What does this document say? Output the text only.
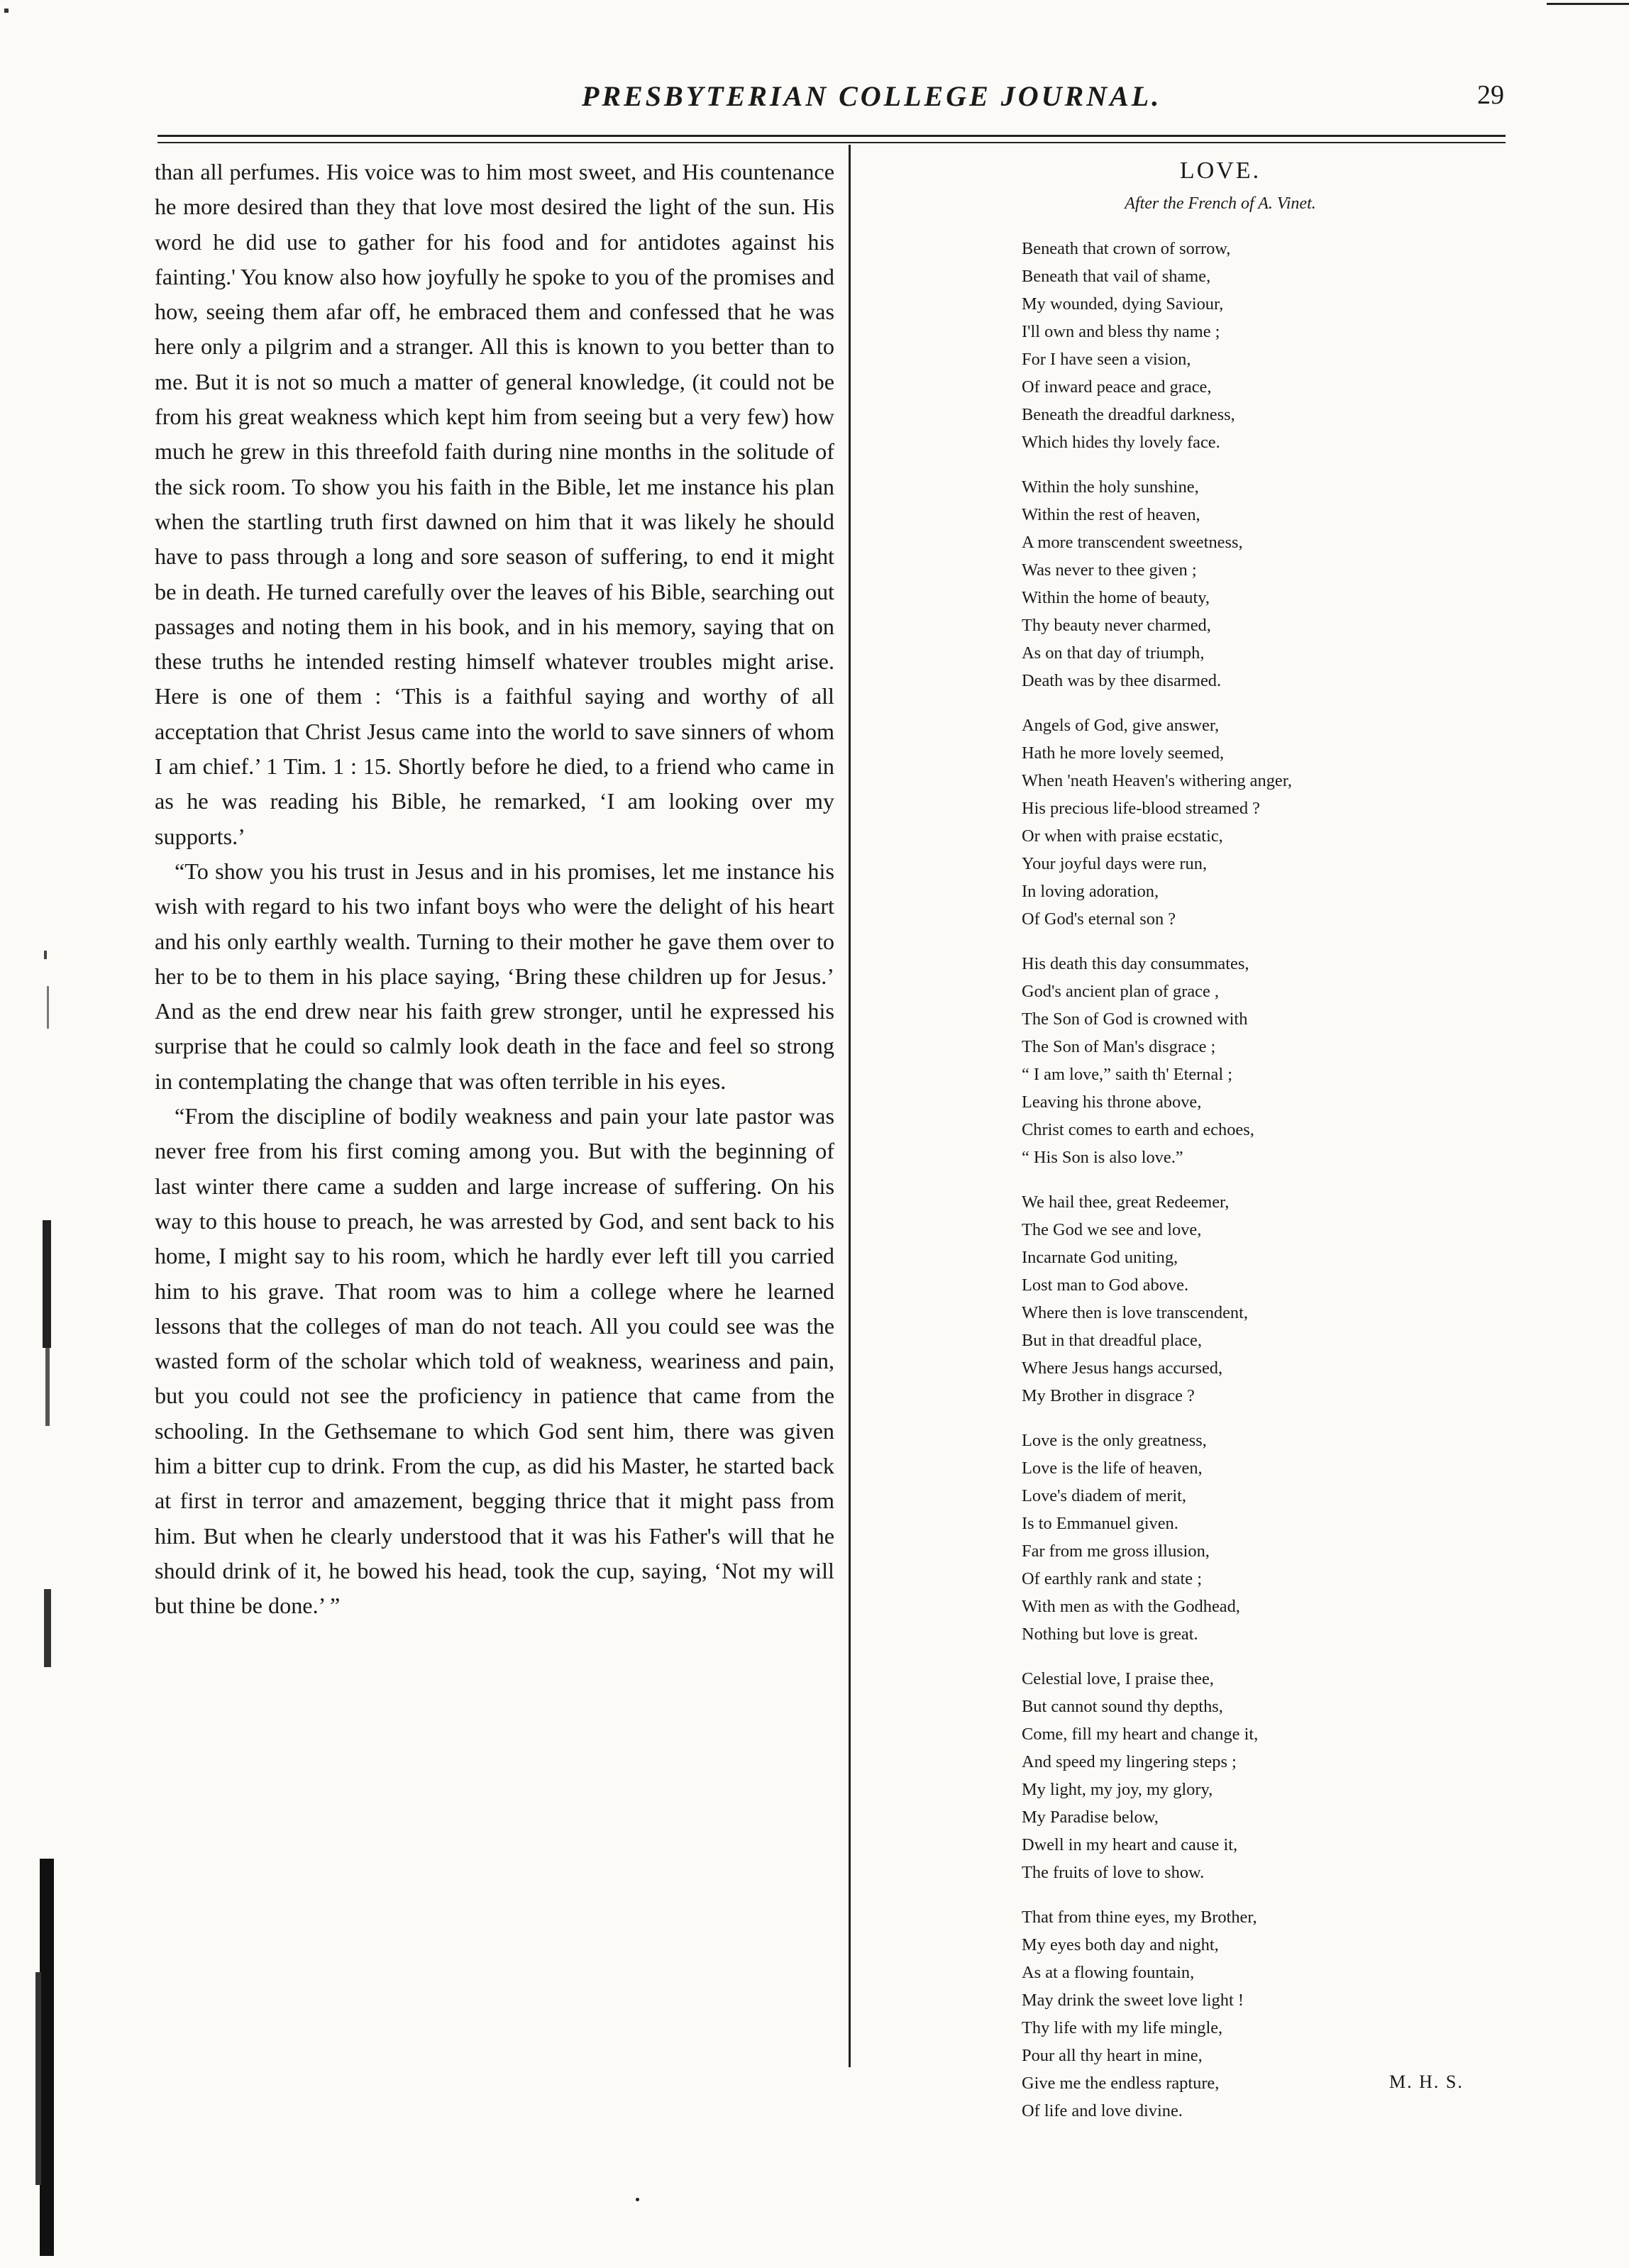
PRESBYTERIAN COLLEGE JOURNAL.	29

than all perfumes. His voice was to him most sweet, and His countenance he more desired than they that love most desired the light of the sun. His word he did use to gather for his food and for antidotes against his fainting.' You know also how joyfully he spoke to you of the promises and how, seeing them afar off, he embraced them and confessed that he was here only a pilgrim and a stranger. All this is known to you better than to me. But it is not so much a matter of general knowledge, (it could not be from his great weakness which kept him from seeing but a very few) how much he grew in this threefold faith during nine months in the solitude of the sick room. To show you his faith in the Bible, let me instance his plan when the startling truth first dawned on him that it was likely he should have to pass through a long and sore season of suffering, to end it might be in death. He turned carefully over the leaves of his Bible, searching out passages and noting them in his book, and in his memory, saying that on these truths he intended resting himself whatever troubles might arise. Here is one of them : ‘This is a faithful saying and worthy of all acceptation that Christ Jesus came into the world to save sinners of whom I am chief.’ 1 Tim. 1 : 15. Shortly before he died, to a friend who came in as he was reading his Bible, he remarked, ‘I am looking over my supports.’

“To show you his trust in Jesus and in his promises, let me instance his wish with regard to his two infant boys who were the delight of his heart and his only earthly wealth. Turning to their mother he gave them over to her to be to them in his place saying, ‘Bring these children up for Jesus.’ And as the end drew near his faith grew stronger, until he expressed his surprise that he could so calmly look death in the face and feel so strong in contemplating the change that was often terrible in his eyes.

“From the discipline of bodily weakness and pain your late pastor was never free from his first coming among you. But with the beginning of last winter there came a sudden and large increase of suffering. On his way to this house to preach, he was arrested by God, and sent back to his home, I might say to his room, which he hardly ever left till you carried him to his grave. That room was to him a college where he learned lessons that the colleges of man do not teach. All you could see was the wasted form of the scholar which told of weakness, weariness and pain, but you could not see the proficiency in patience that came from the schooling. In the Gethsemane to which God sent him, there was given him a bitter cup to drink. From the cup, as did his Master, he started back at first in terror and amazement, begging thrice that it might pass from him. But when he clearly understood that it was his Father's will that he should drink of it, he bowed his head, took the cup, saying, ‘Not my will but thine be done.’ ”

LOVE.
After the French of A. Vinet.
Beneath that crown of sorrow,
Beneath that vail of shame,
My wounded, dying Saviour,
I'll own and bless thy name ;
For I have seen a vision,
Of inward peace and grace,
Beneath the dreadful darkness,
Which hides thy lovely face.
Within the holy sunshine,
Within the rest of heaven,
A more transcendent sweetness,
Was never to thee given ;
Within the home of beauty,
Thy beauty never charmed,
As on that day of triumph,
Death was by thee disarmed.
Angels of God, give answer,
Hath he more lovely seemed,
When 'neath Heaven's withering anger,
His precious life-blood streamed ?
Or when with praise ecstatic,
Your joyful days were run,
In loving adoration,
Of God's eternal son ?
His death this day consummates,
God's ancient plan of grace ,
The Son of God is crowned with
The Son of Man's disgrace ;
“ I am love,” saith th' Eternal ;
Leaving his throne above,
Christ comes to earth and echoes,
“ His Son is also love.”
We hail thee, great Redeemer,
The God we see and love,
Incarnate God uniting,
Lost man to God above.
Where then is love transcendent,
But in that dreadful place,
Where Jesus hangs accursed,
My Brother in disgrace ?
Love is the only greatness,
Love is the life of heaven,
Love's diadem of merit,
Is to Emmanuel given.
Far from me gross illusion,
Of earthly rank and state ;
With men as with the Godhead,
Nothing but love is great.
Celestial love, I praise thee,
But cannot sound thy depths,
Come, fill my heart and change it,
And speed my lingering steps ;
My light, my joy, my glory,
My Paradise below,
Dwell in my heart and cause it,
The fruits of love to show.
That from thine eyes, my Brother,
My eyes both day and night,
As at a flowing fountain,
May drink the sweet love light !
Thy life with my life mingle,
Pour all thy heart in mine,
Give me the endless rapture,
Of life and love divine.
M. H. S.
